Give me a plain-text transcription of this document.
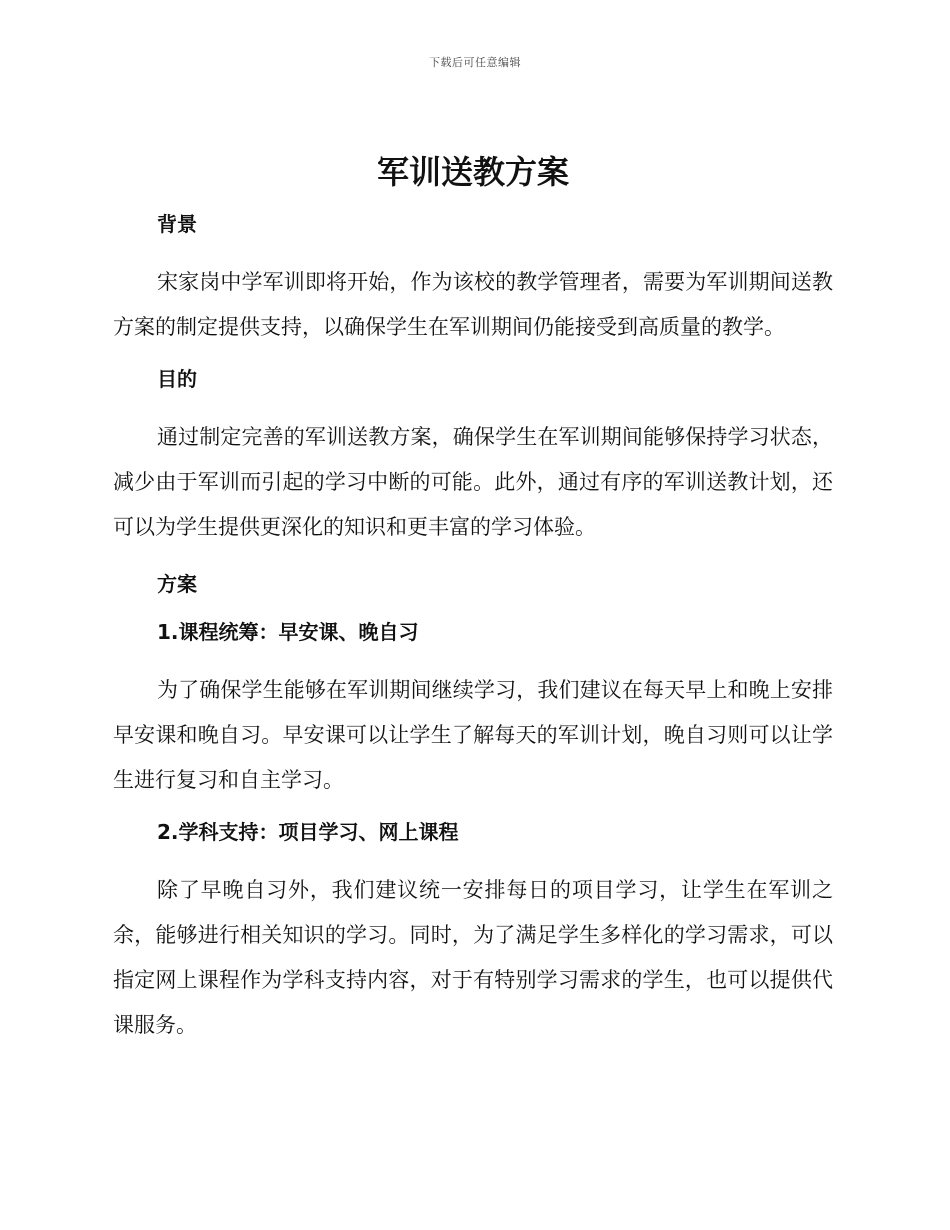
下载后可任意编辑
军训送教方案
背景

宋家岗中学军训即将开始，作为该校的教学管理者，需要为军训期间送教方案的制定提供支持，以确保学生在军训期间仍能接受到高质量的教学。

目的

通过制定完善的军训送教方案，确保学生在军训期间能够保持学习状态，减少由于军训而引起的学习中断的可能。此外，通过有序的军训送教计划，还可以为学生提供更深化的知识和更丰富的学习体验。

方案
1.课程统筹：早安课、晚自习

为了确保学生能够在军训期间继续学习，我们建议在每天早上和晚上安排早安课和晚自习。早安课可以让学生了解每天的军训计划，晚自习则可以让学生进行复习和自主学习。

2.学科支持：项目学习、网上课程

除了早晚自习外，我们建议统一安排每日的项目学习，让学生在军训之余，能够进行相关知识的学习。同时，为了满足学生多样化的学习需求，可以指定网上课程作为学科支持内容，对于有特别学习需求的学生，也可以提供代课服务。
